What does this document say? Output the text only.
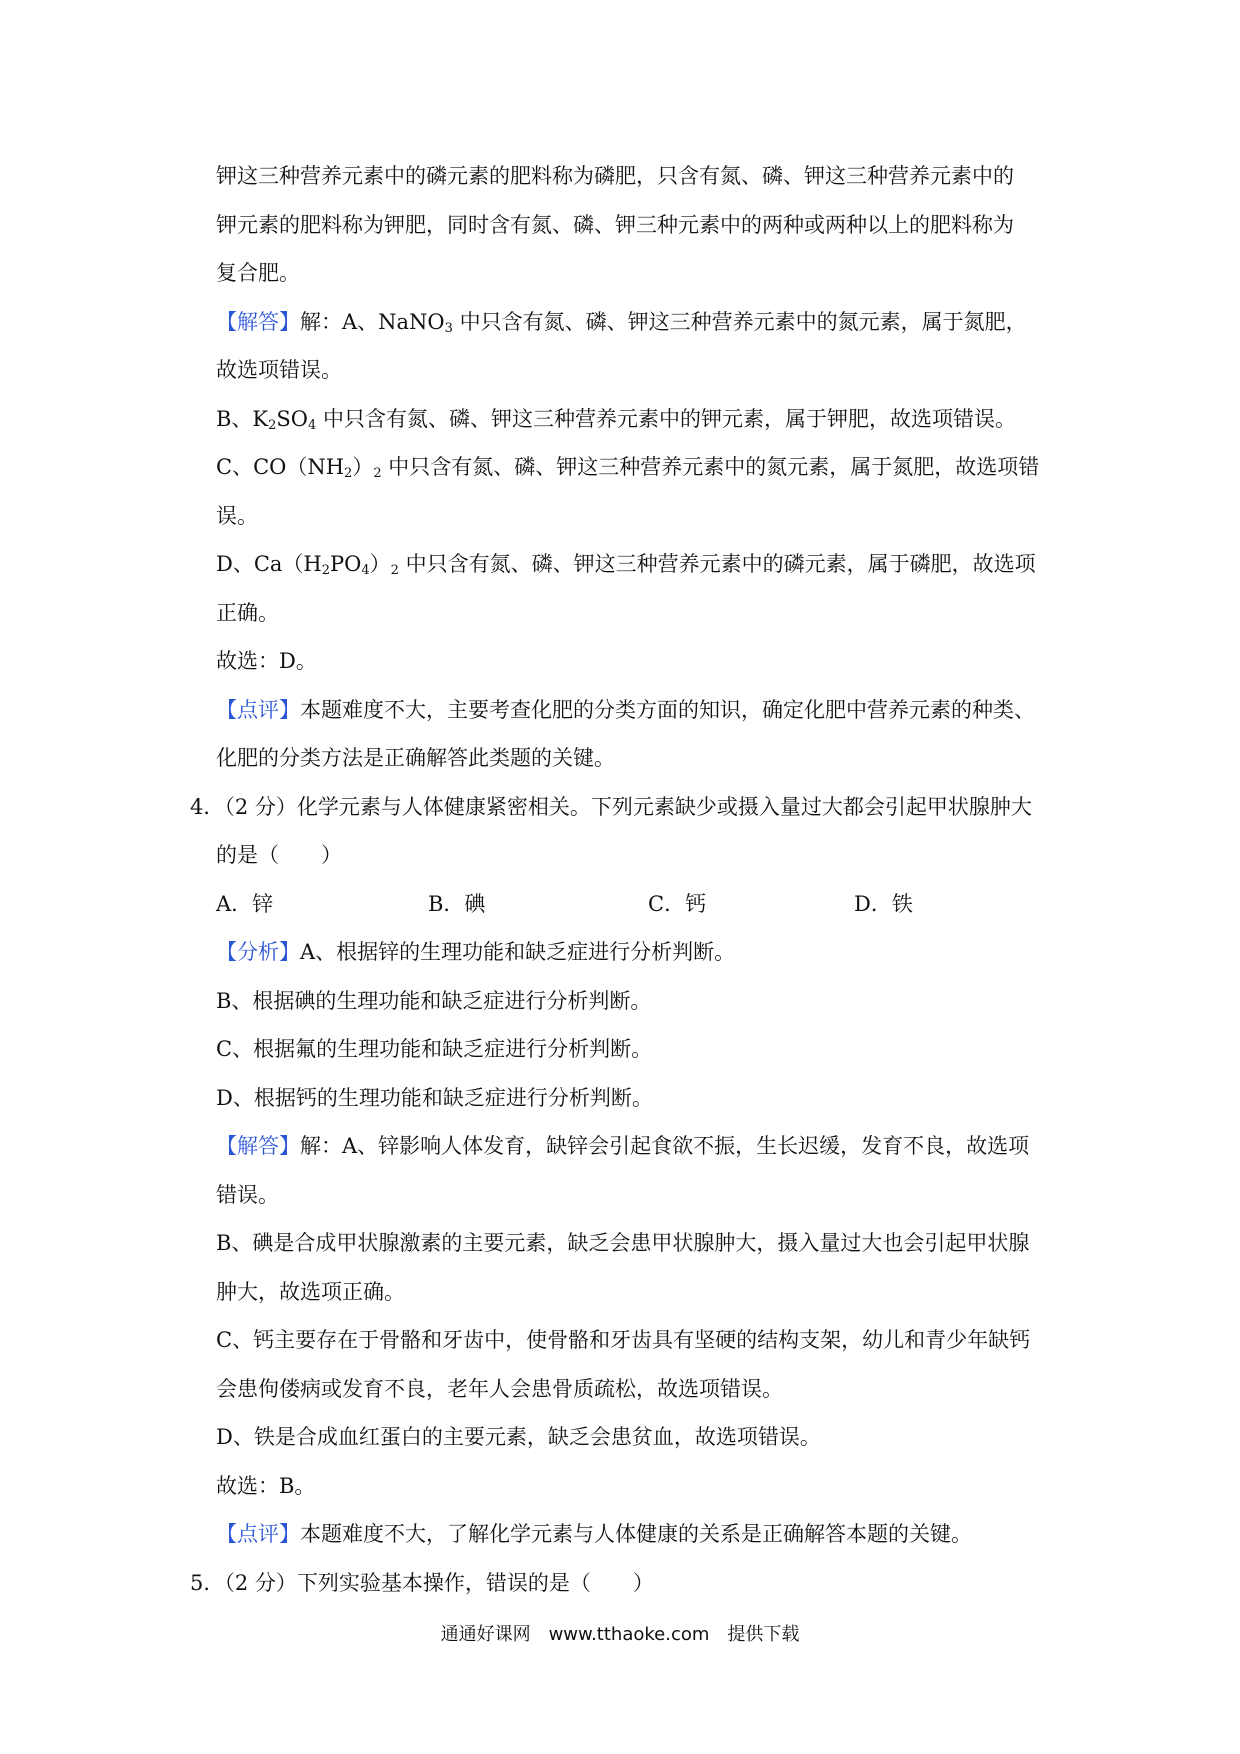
钾这三种营养元素中的磷元素的肥料称为磷肥，只含有氮、磷、钾这三种营养元素中的
钾元素的肥料称为钾肥，同时含有氮、磷、钾三种元素中的两种或两种以上的肥料称为
复合肥。
【解答】解：A、NaNO$_3$ 中只含有氮、磷、钾这三种营养元素中的氮元素，属于氮肥，
故选项错误。
B、$K_2SO_4$ 中只含有氮、磷、钾这三种营养元素中的钾元素，属于钾肥，故选项错误。
C、$CO(NH_2)_2$ 中只含有氮、磷、钾这三种营养元素中的氮元素，属于氮肥，故选项错
误。
D、$Ca(H_2PO_4)_2$ 中只含有氮、磷、钾这三种营养元素中的磷元素，属于磷肥，故选项
正确。
故选：D。
【点评】本题难度不大，主要考查化肥的分类方面的知识，确定化肥中营养元素的种类、
化肥的分类方法是正确解答此类题的关键。
4．（2 分）化学元素与人体健康紧密相关。下列元素缺少或摄入量过大都会引起甲状腺肿大
的是（　　）
A．锌	B．碘	C．钙	D．铁
【分析】A、根据锌的生理功能和缺乏症进行分析判断。
B、根据碘的生理功能和缺乏症进行分析判断。
C、根据氟的生理功能和缺乏症进行分析判断。
D、根据钙的生理功能和缺乏症进行分析判断。
【解答】解：A、锌影响人体发育，缺锌会引起食欲不振，生长迟缓，发育不良，故选项
错误。
B、碘是合成甲状腺激素的主要元素，缺乏会患甲状腺肿大，摄入量过大也会引起甲状腺
肿大，故选项正确。
C、钙主要存在于骨骼和牙齿中，使骨骼和牙齿具有坚硬的结构支架，幼儿和青少年缺钙
会患佝偻病或发育不良，老年人会患骨质疏松，故选项错误。
D、铁是合成血红蛋白的主要元素，缺乏会患贫血，故选项错误。
故选：B。
【点评】本题难度不大，了解化学元素与人体健康的关系是正确解答本题的关键。
5．（2 分）下列实验基本操作，错误的是（　　）
通通好课网　www.tthaoke.com　提供下载
